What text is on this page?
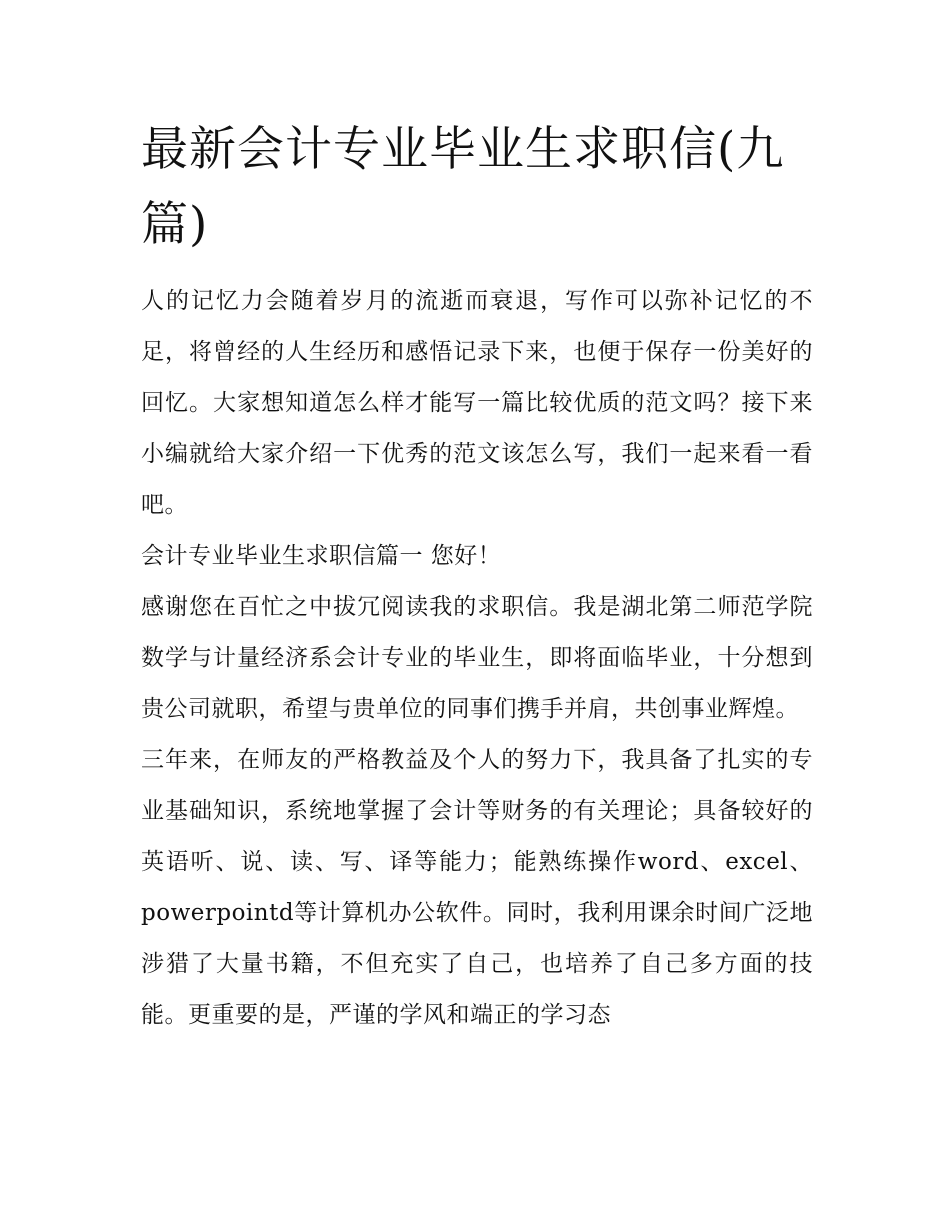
最新会计专业毕业生求职信(九篇)

人的记忆力会随着岁月的流逝而衰退，写作可以弥补记忆的不足，将曾经的人生经历和感悟记录下来，也便于保存一份美好的回忆。大家想知道怎么样才能写一篇比较优质的范文吗？接下来小编就给大家介绍一下优秀的范文该怎么写，我们一起来看一看吧。

会计专业毕业生求职信篇一 您好！

感谢您在百忙之中拔冗阅读我的求职信。我是湖北第二师范学院数学与计量经济系会计专业的毕业生，即将面临毕业，十分想到贵公司就职，希望与贵单位的同事们携手并肩，共创事业辉煌。

三年来，在师友的严格教益及个人的努力下，我具备了扎实的专业基础知识，系统地掌握了会计等财务的有关理论；具备较好的英语听、说、读、写、译等能力；能熟练操作word、excel、powerpointd等计算机办公软件。同时，我利用课余时间广泛地涉猎了大量书籍，不但充实了自己，也培养了自己多方面的技能。更重要的是，严谨的学风和端正的学习态
